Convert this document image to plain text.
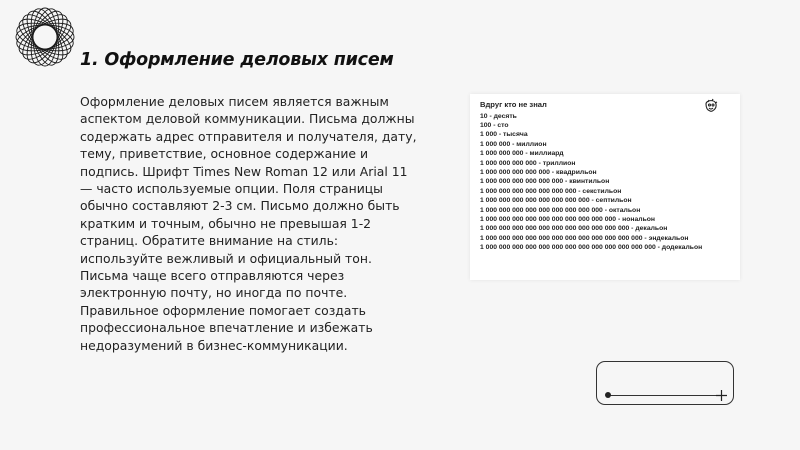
1. Оформление деловых писем

Оформление деловых писем является важным аспектом деловой коммуникации. Письма должны содержать адрес отправителя и получателя, дату, тему, приветствие, основное содержание и подпись. Шрифт Times New Roman 12 или Arial 11 — часто используемые опции. Поля страницы обычно составляют 2-3 см. Письмо должно быть кратким и точным, обычно не превышая 1-2 страниц. Обратите внимание на стиль: используйте вежливый и официальный тон. Письма чаще всего отправляются через электронную почту, но иногда по почте. Правильное оформление помогает создать профессиональное впечатление и избежать недоразумений в бизнес-коммуникации.

Вдруг кто не знал
10 - десять
100 - сто
1 000 - тысяча
1 000 000 - миллион
1 000 000 000 - миллиард
1 000 000 000 000 - триллион
1 000 000 000 000 000 - квадрильон
1 000 000 000 000 000 000 - квинтильон
1 000 000 000 000 000 000 000 - секстильон
1 000 000 000 000 000 000 000 000 - септильон
1 000 000 000 000 000 000 000 000 000 - октальон
1 000 000 000 000 000 000 000 000 000 000 - нональон
1 000 000 000 000 000 000 000 000 000 000 000 - декальон
1 000 000 000 000 000 000 000 000 000 000 000 000 - эндекальон
1 000 000 000 000 000 000 000 000 000 000 000 000 000 - додекальон
